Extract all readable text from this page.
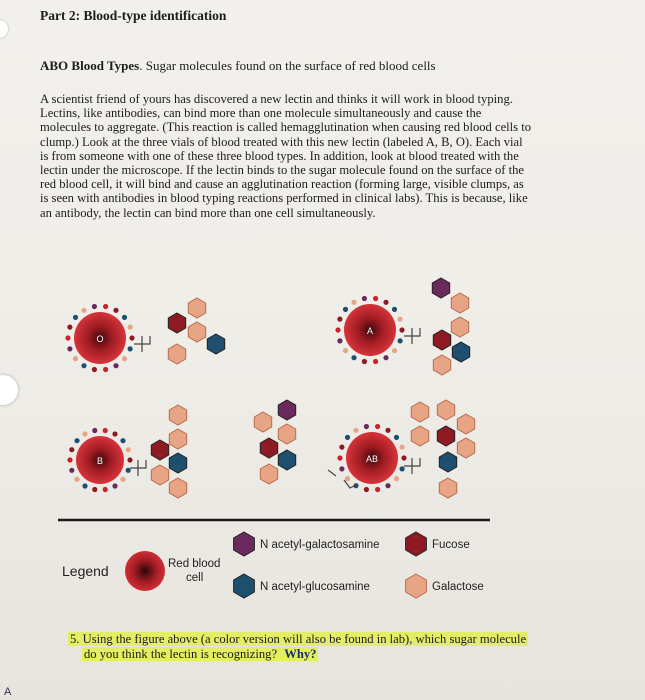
Part 2: Blood-type identification
ABO Blood Types. Sugar molecules found on the surface of red blood cells
A scientist friend of yours has discovered a new lectin and thinks it will work in blood typing.
Lectins, like antibodies, can bind more than one molecule simultaneously and cause the
molecules to aggregate. (This reaction is called hemagglutination when causing red blood cells to
clump.) Look at the three vials of blood treated with this new lectin (labeled A, B, O). Each vial
is from someone with one of these three blood types. In addition, look at blood treated with the
lectin under the microscope. If the lectin binds to the sugar molecule found on the surface of the
red blood cell, it will bind and cause an agglutination reaction (forming large, visible clumps, as
is seen with antibodies in blood typing reactions performed in clinical labs). This is because, like
an antibody, the lectin can bind more than one cell simultaneously.
O
A
B	AB
Legend	Red blood
cell
N acetyl-galactosamine
N acetyl-glucosamine
Fucose
Galactose
5. Using the figure above (a color version will also be found in lab), which sugar molecule
do you think the lectin is recognizing? Why?
A
